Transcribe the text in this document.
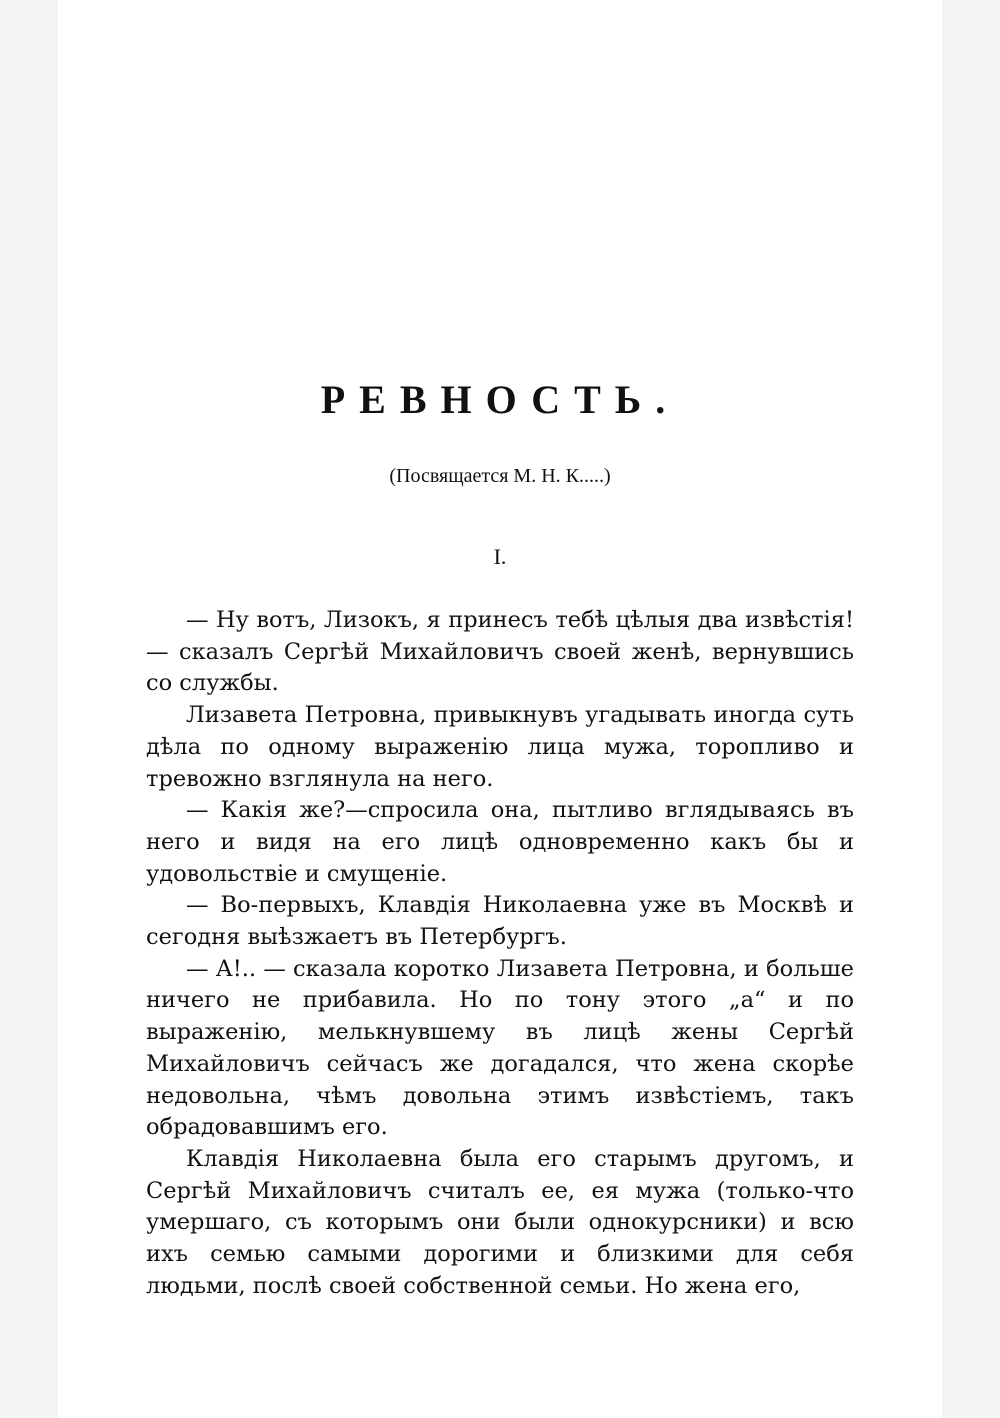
РЕВНОСТЬ.
(Посвящается М. Н. К.....)
I.

— Ну вотъ, Лизокъ, я принесъ тебѣ цѣлыя два извѣстія! — сказалъ Сергѣй Михайловичъ своей женѣ, вернувшись со службы.

Лизавета Петровна, привыкнувъ угадывать иногда суть дѣла по одному выраженію лица мужа, торопливо и тревожно взглянула на него.

— Какія же?—спросила она, пытливо вглядываясь въ него и видя на его лицѣ одновременно какъ бы и удовольствіе и смущеніе.

— Во-первыхъ, Клавдія Николаевна уже въ Москвѣ и сегодня выѣзжаетъ въ Петербургъ.

— А!.. — сказала коротко Лизавета Петровна, и больше ничего не прибавила. Но по тону этого „а“ и по выраженію, мелькнувшему въ лицѣ жены Сергѣй Михайловичъ сейчасъ же догадался, что жена скорѣе недовольна, чѣмъ довольна этимъ извѣстіемъ, такъ обрадовавшимъ его.

Клавдія Николаевна была его старымъ другомъ, и Сергѣй Михайловичъ считалъ ее, ея мужа (только-что умершаго, съ которымъ они были однокурсники) и всю ихъ семью самыми дорогими и близкими для себя людьми, послѣ своей собственной семьи. Но жена его,
